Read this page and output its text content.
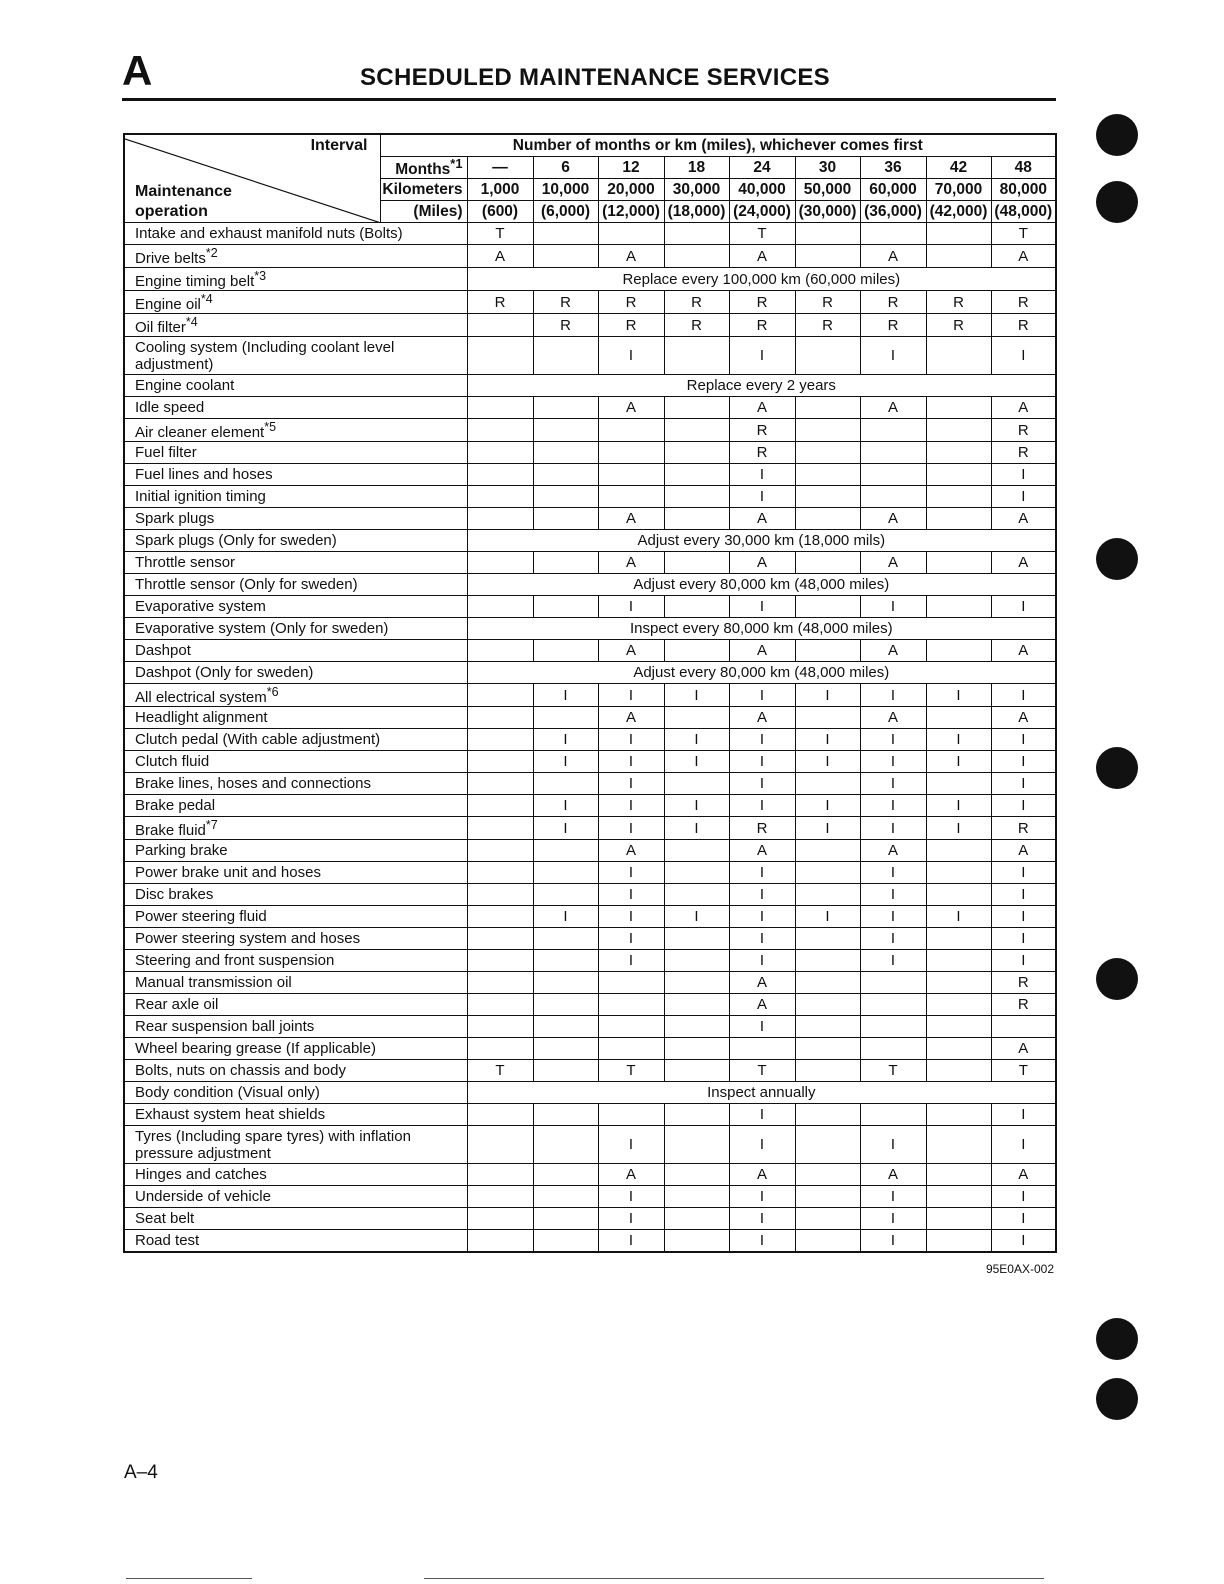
A	SCHEDULED MAINTENANCE SERVICES
Interval
Maintenance
operation	Number of months or km (miles), whichever comes first									
	Months$^{*1}$	—	6	12	18	24	30	36	42	48
	Kilometers	1,000	10,000	20,000	30,000	40,000	50,000	60,000	70,000	80,000
	(Miles)	(600)	(6,000)	(12,000)	(18,000)	(24,000)	(30,000)	(36,000)	(42,000)	(48,000)
Intake and exhaust manifold nuts (Bolts)		T				T				T
Drive belts$^{*2}$		A		A		A		A		A
Engine timing belt$^{*3}$		Replace every 100,000 km (60,000 miles)								
Engine oil$^{*4}$		R	R	R	R	R	R	R	R	R
Oil filter$^{*4}$			R	R	R	R	R	R	R	R
Cooling system (Including coolant level adjustment)				I		I		I		I
Engine coolant		Replace every 2 years								
Idle speed				A		A		A		A
Air cleaner element$^{*5}$						R				R
Fuel filter						R				R
Fuel lines and hoses						I				I
Initial ignition timing						I				I
Spark plugs				A		A		A		A
Spark plugs (Only for sweden)		Adjust every 30,000 km (18,000 mils)								
Throttle sensor				A		A		A		A
Throttle sensor (Only for sweden)		Adjust every 80,000 km (48,000 miles)								
Evaporative system				I		I		I		I
Evaporative system (Only for sweden)		Inspect every 80,000 km (48,000 miles)								
Dashpot				A		A		A		A
Dashpot (Only for sweden)		Adjust every 80,000 km (48,000 miles)								
All electrical system$^{*6}$			I	I	I	I	I	I	I	I
Headlight alignment				A		A		A		A
Clutch pedal (With cable adjustment)			I	I	I	I	I	I	I	I
Clutch fluid			I	I	I	I	I	I	I	I
Brake lines, hoses and connections				I		I		I		I
Brake pedal			I	I	I	I	I	I	I	I
Brake fluid$^{*7}$			I	I	I	R	I	I	I	R
Parking brake				A		A		A		A
Power brake unit and hoses				I		I		I		I
Disc brakes				I		I		I		I
Power steering fluid			I	I	I	I	I	I	I	I
Power steering system and hoses				I		I		I		I
Steering and front suspension				I		I		I		I
Manual transmission oil						A				R
Rear axle oil						A				R
Rear suspension ball joints						I				
Wheel bearing grease (If applicable)										A
Bolts, nuts on chassis and body		T		T		T		T		T
Body condition (Visual only)		Inspect annually								
Exhaust system heat shields						I				I
Tyres (Including spare tyres) with inflation pressure adjustment				I		I		I		I
Hinges and catches				A		A		A		A
Underside of vehicle				I		I		I		I
Seat belt				I		I		I		I
Road test				I		I		I		I
95E0AX-002
A–4
